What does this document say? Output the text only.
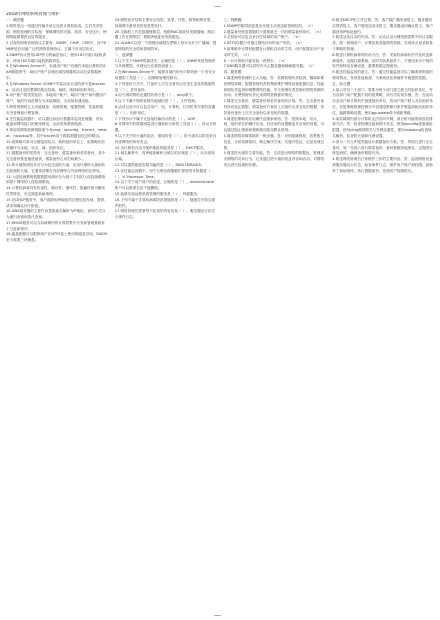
—
2018年网络系统管理与维护

一、填空题

1.网络是由一组通过传输介质互连的计算机组成，它们共享资源，网络管理的目标是：保障网络的可靠、高效、安全运行，使网络能够提供良好的服务。

2.目前的网络管理协议主要有：SNMP、CMIP、CMOT，其中SNMP是应用最广泛的网络管理协议，它属于应用层协议。

3.SNMP协议使用UDP作为传输层协议，使用161号端口接收请求，使用162号端口接收陷阱消息。

4.在Windows Server中，本地用户账户存储在本地计算机的SAM数据库中，域用户账户存储在域控制器的活动目录数据库中。

5.在Windows Server 2008中安装活动目录的命令是dcpromo，活动目录的逻辑结构包括域、域树、域林和组织单位。

6.用户账户的类型包括：本地用户账户、域用户账户和内置用户账户，组的作用范围分为本地域组、全局组和通用组。

7.网络管理的五大功能域是：故障管理、配置管理、性能管理、安全管理和计费管理。

8.在性能监视器中，可以通过添加计数器来监视处理器、内存、磁盘和网络接口的使用情况，从而发现系统瓶颈。

9.常用的网络故障排除命令有ping、ipconfig、tracert、netstat、nslookup等，其中tracert用于跟踪数据包经过的路由。

10.组策略对象可以链接到站点、域和组织单位上，组策略的应用顺序为本地、站点、域、组织单位。

11.数据备份的类型有：完全备份、增量备份和差异备份，其中完全备份恢复速度最快，增量备份占用空间最少。

12.防火墙按照技术可分为包过滤防火墙、应用代理防火墙和状态检测防火墙，它通常部署在内部网络与外部网络的边界处。

13.入侵检测系统根据数据来源可分为基于主机的入侵检测系统和基于网络的入侵检测系统。

14.计算机病毒具有传染性、破坏性、潜伏性、隐蔽性和可触发性等特征，应定期更新病毒库。

15.在DHCP服务中，客户端获取IP地址的过程包括发现、提供、请求和确认四个阶段。

16.DNS服务器的主要作用是将域名解析为IP地址，查询方式分为递归查询和迭代查询。

17.WSUS服务可以为局域网内的计算机集中分发和管理系统补丁与更新程序。

18.磁盘配额可以限制用户在NTFS卷上使用的磁盘空间，RAID5至少需要三块硬盘。

19.网络拓扑结构主要有总线型、星型、环型、树型和网状型，局域网中最常见的是星型拓扑。

20.交换机工作在数据链路层，根据MAC地址转发数据帧；路由器工作在网络层，根据IP地址转发数据包。

21.VLAN可以将一个物理局域网在逻辑上划分为多个广播域，提高网络的安全性和管理效率。

二、选择题

1.以下关于SNMP的描述中，正确的是（ ）。SNMP采用管理者与代理模型，代理运行在被管设备上。

2.在Windows Server中，能够对域内所有计算机统一下发安全设置的工具是（ ）。组策略管理控制台。

3.下列备份方式中，只备份上次完全备份以后发生变化的数据的是（ ）。差异备份。

4.用于测试网络连通性的命令是（ ）。ping命令。

5.以下不属于网络管理功能域的是（ ）。文件管理。

6.活动目录中可以包含用户、组、计算机、打印机等对象的容器是（ ）。组织单位。

7.下列协议中属于无连接传输协议的是（ ）。UDP。

8.对网络中的数据流量进行捕获和分析的工具是（ ）。协议分析器。

9.以下关于防火墙的说法，错误的是（ ）。防火墙可以防范来自内部网络的所有攻击。

10.为计算机自动分配IP地址的服务是（ ）。DHCP服务。

11.域名解析中，将IP地址解析为域名的区域是（ ）。反向查找区域。

12.可以提供磁盘容错功能的是（ ）。RAID1和RAID5。

13.在性能监视器中，用于反映处理器繁忙程度的计数器是（ ）。% Processor Time。

14.以下关于用户账户的叙述，正确的是（ ）。Administrator账户可以重命名但不能删除。

15.能够实现远程桌面管理的服务是（ ）。终端服务。

16.下列不属于计算机病毒防范措施的是（ ）。随意打开陌生邮件附件。

17.网络管理员需要每天检查的内容包括（ ）。服务器运行状态与事件日志。

三、判断题

1.SNMP的陷阱消息是由代理主动发送给管理站的。（√）

2.增量备份恢复数据时只需要最近一次的增量备份即可。（×）

3.全局组可以包含来自任何域的用户账户。（×）

4.NTFS权限只对通过网络访问的用户有效。（×）

5.组策略中计算机配置在计算机启动时生效，用户配置在用户登录时生效。（√）

6.一台计算机只能安装一块网卡。（×）

7.DNS服务器可以同时作为主服务器和辅助服务器。（√）

四、简答题

1.简述网络管理的五大功能。答：故障管理负责检测、隔离和排除网络故障；配置管理负责收集和维护网络设备配置信息；性能管理负责监视和调整网络性能；安全管理负责控制对网络资源的访问；计费管理负责记录网络资源使用情况。

2.简述完全备份、增量备份和差异备份的区别。答：完全备份备份所有选定数据；增量备份只备份上次备份以来变化的数据；差异备份备份上次完全备份以来变化的数据。

3.简述组策略的应用顺序及继承规则。答：按照本地、站点、域、组织单位的顺序应用，后应用的设置覆盖先应用的设置，可以通过阻止继承和强制选项改变默认规则。

4.简述网络故障排除的一般步骤。答：识别故障现象、收集相关信息、分析故障原因、制定解决方案、实施并验证、记录处理过程。

5.简述防火墙的主要功能。答：过滤进出网络的数据包，管理进出网络的访问行为，记录通过防火墙的信息内容和活动，对网络攻击进行检测和告警。

6.简述DHCP的工作过程。答：客户端广播发现报文，服务器回应提供报文，客户端发送请求报文，服务器返回确认报文，客户端获得IP地址租约。

7.简述活动目录的作用。答：活动目录为网络提供集中的目录服务，统一管理用户、计算机和其他网络资源，实现单点登录和基于策略的管理。

8.简述计算机病毒的防治方法。答：安装防病毒软件并及时更新病毒库，定期扫描系统，及时安装系统补丁，不使用来历不明的软件和移动存储设备，重要数据定期备份。

9.简述性能监视的意义。答：通过性能监视可以了解系统资源的使用情况，发现性能瓶颈，为系统优化和硬件升级提供依据。

五、综合题

1.某公司有三个部门，需要为每个部门建立独立的组织单位，并为各部门用户配置不同的组策略，请写出实现步骤。答：在活动目录用户和计算机中创建组织单位，将用户账户移入对应组织单位，在组策略管理控制台中创建组策略对象并链接到相应组织单位，编辑策略设置，使用gpupdate命令刷新策略。

2.某局域网内部分计算机无法访问外网，请分析可能的原因及排查方法。答：检查物理连接和网卡状态，使用ipconfig查看地址配置，使用ping测试网关与外网连通性，使用nslookup检查域名解析，检查防火墙和代理设置。

3.请为一台文件服务器设计数据备份方案。答：每周日进行完全备份，周一至周六进行增量备份，备份数据异地保存，定期进行恢复测试，确保备份数据可用。

4.简述网络管理员日常维护工作的主要内容。答：监视网络设备和服务器运行状态，检查事件日志，维护用户账户和权限，更新补丁和病毒库，执行数据备份，处理用户故障报告。

—
